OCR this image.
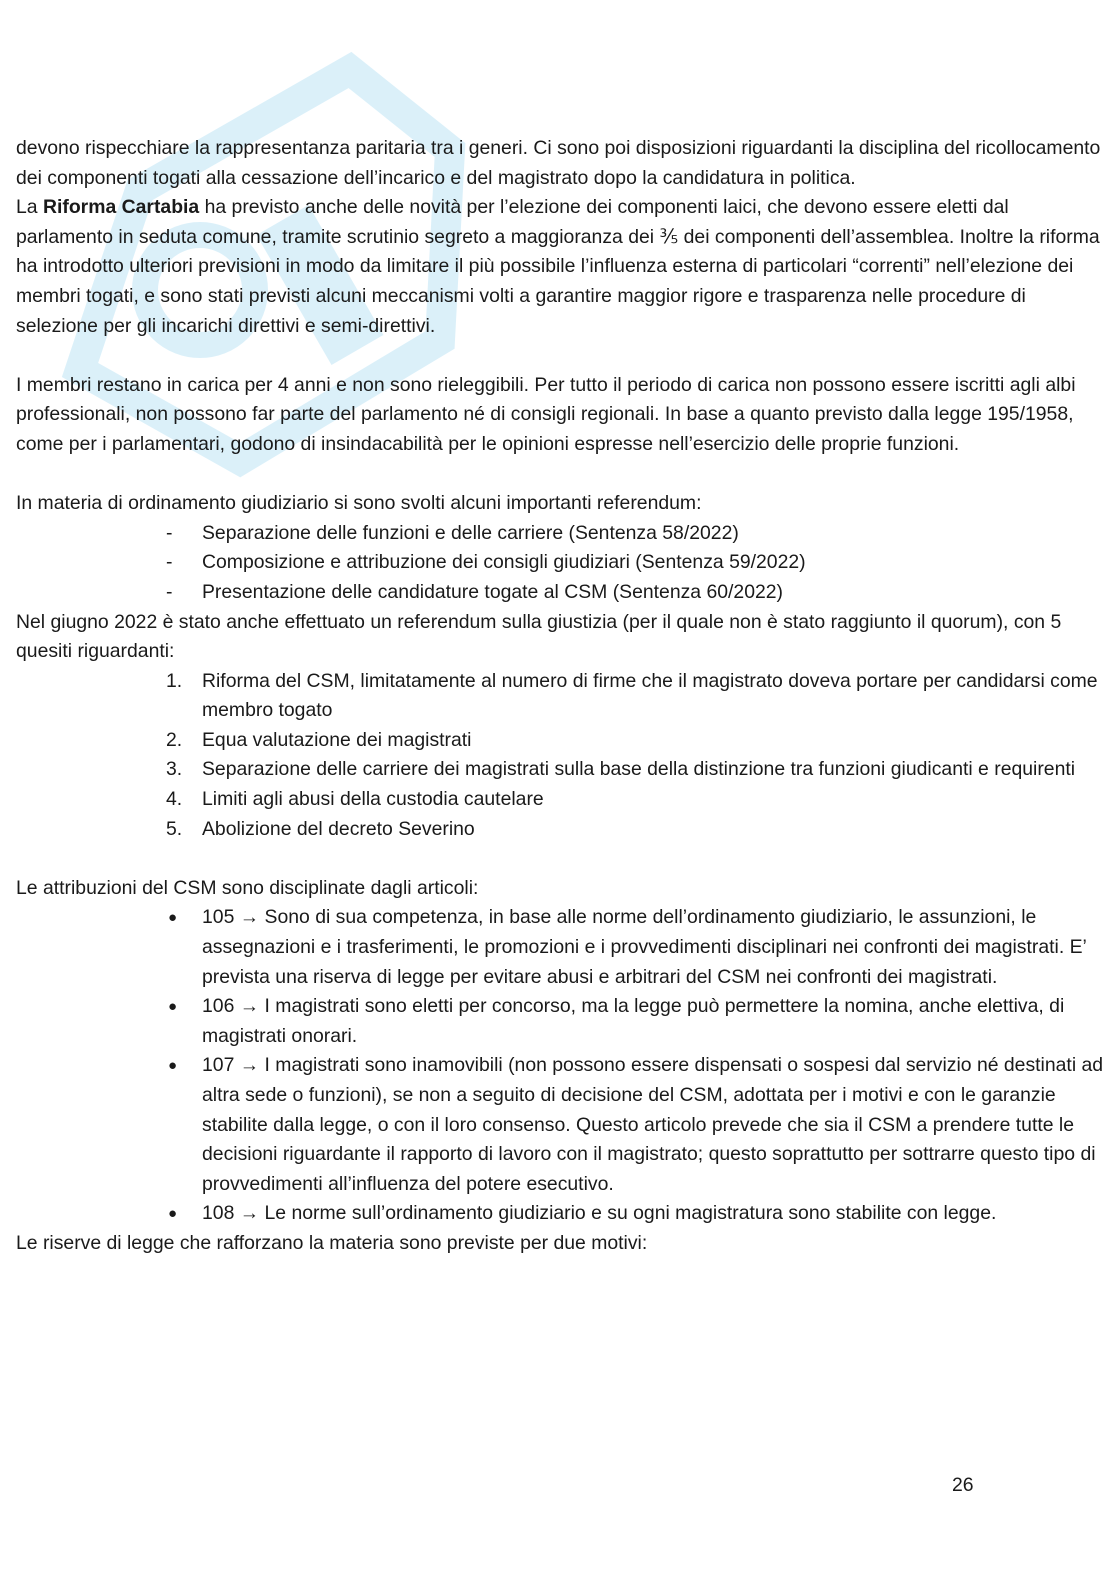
devono rispecchiare la rappresentanza paritaria tra i generi. Ci sono poi disposizioni riguardanti la disciplina del ricollocamento dei componenti togati alla cessazione dell’incarico e del magistrato dopo la candidatura in politica.

La Riforma Cartabia ha previsto anche delle novità per l’elezione dei componenti laici, che devono essere eletti dal parlamento in seduta comune, tramite scrutinio segreto a maggioranza dei ⅗ dei componenti dell’assemblea. Inoltre la riforma ha introdotto ulteriori previsioni in modo da limitare il più possibile l’influenza esterna di particolari “correnti” nell’elezione dei membri togati, e sono stati previsti alcuni meccanismi volti a garantire maggior rigore e trasparenza nelle procedure di selezione per gli incarichi direttivi e semi-direttivi.

I membri restano in carica per 4 anni e non sono rieleggibili. Per tutto il periodo di carica non possono essere iscritti agli albi professionali, non possono far parte del parlamento né di consigli regionali. In base a quanto previsto dalla legge 195/1958, come per i parlamentari, godono di insindacabilità per le opinioni espresse nell’esercizio delle proprie funzioni.

In materia di ordinamento giudiziario si sono svolti alcuni importanti referendum:

-	Separazione delle funzioni e delle carriere (Sentenza 58/2022)
-	Composizione e attribuzione dei consigli giudiziari (Sentenza 59/2022)
-	Presentazione delle candidature togate al CSM (Sentenza 60/2022)

Nel giugno 2022 è stato anche effettuato un referendum sulla giustizia (per il quale non è stato raggiunto il quorum), con 5 quesiti riguardanti:

1.	Riforma del CSM, limitatamente al numero di firme che il magistrato doveva portare per candidarsi come membro togato
2.	Equa valutazione dei magistrati
3.	Separazione delle carriere dei magistrati sulla base della distinzione tra funzioni giudicanti e requirenti
4.	Limiti agli abusi della custodia cautelare
5.	Abolizione del decreto Severino

Le attribuzioni del CSM sono disciplinate dagli articoli:

●	105 → Sono di sua competenza, in base alle norme dell’ordinamento giudiziario, le assunzioni, le assegnazioni e i trasferimenti, le promozioni e i provvedimenti disciplinari nei confronti dei magistrati. E’ prevista una riserva di legge per evitare abusi e arbitrari del CSM nei confronti dei magistrati.
●	106 → I magistrati sono eletti per concorso, ma la legge può permettere la nomina, anche elettiva, di magistrati onorari.
●	107 → I magistrati sono inamovibili (non possono essere dispensati o sospesi dal servizio né destinati ad altra sede o funzioni), se non a seguito di decisione del CSM, adottata per i motivi e con le garanzie stabilite dalla legge, o con il loro consenso. Questo articolo prevede che sia il CSM a prendere tutte le decisioni riguardante il rapporto di lavoro con il magistrato; questo soprattutto per sottrarre questo tipo di provvedimenti all’influenza del potere esecutivo.
●	108 → Le norme sull’ordinamento giudiziario e su ogni magistratura sono stabilite con legge.

Le riserve di legge che rafforzano la materia sono previste per due motivi:

26
